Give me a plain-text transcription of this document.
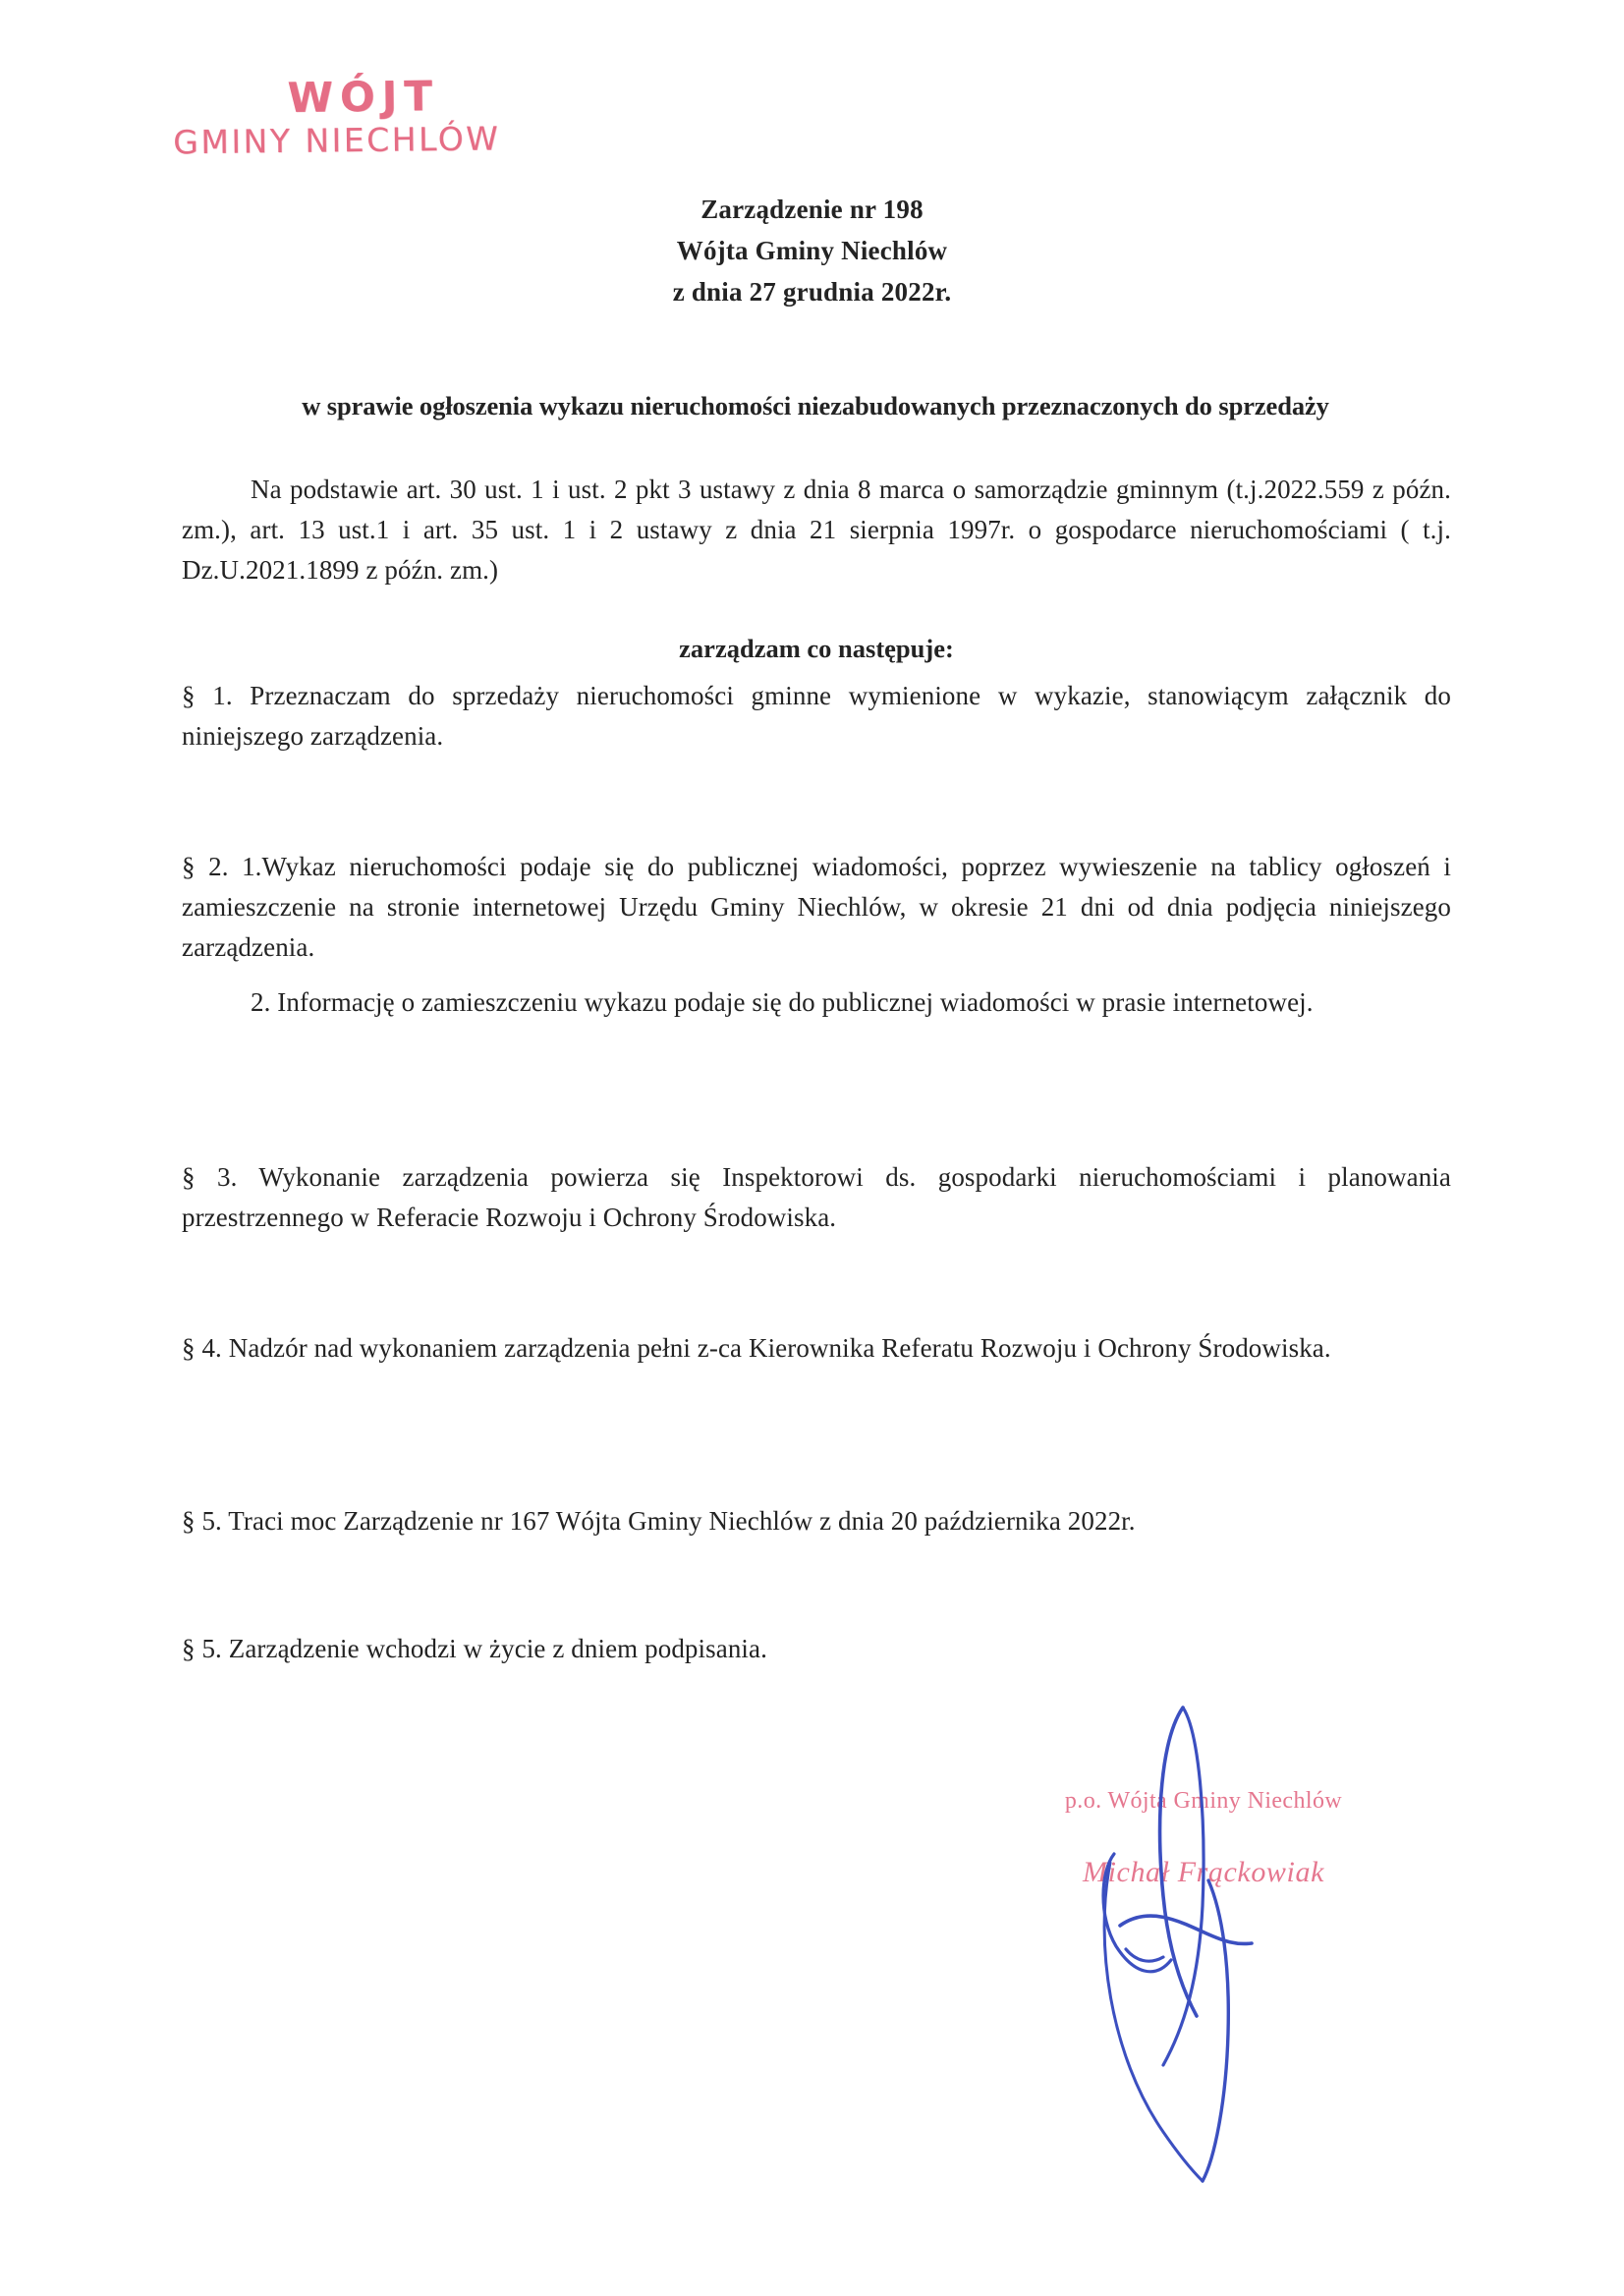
WÓJT
GMINY NIECHLÓW
Zarządzenie nr 198
Wójta Gminy Niechlów
z dnia 27 grudnia 2022r.
w sprawie ogłoszenia wykazu nieruchomości niezabudowanych przeznaczonych do sprzedaży
Na podstawie art. 30 ust. 1 i ust. 2 pkt 3 ustawy z dnia 8 marca o samorządzie gminnym (t.j.2022.559 z późn. zm.), art. 13 ust.1 i art. 35 ust. 1 i 2 ustawy z dnia 21 sierpnia 1997r. o gospodarce nieruchomościami ( t.j. Dz.U.2021.1899 z późn. zm.)
zarządzam co następuje:
§ 1. Przeznaczam do sprzedaży nieruchomości gminne wymienione w wykazie, stanowiącym załącznik do niniejszego zarządzenia.
§ 2. 1.Wykaz nieruchomości podaje się do publicznej wiadomości, poprzez wywieszenie na tablicy ogłoszeń i zamieszczenie na stronie internetowej Urzędu Gminy Niechlów, w okresie 21 dni od dnia podjęcia niniejszego zarządzenia.
2. Informację o zamieszczeniu wykazu podaje się do publicznej wiadomości w prasie internetowej.
§ 3. Wykonanie zarządzenia powierza się Inspektorowi ds. gospodarki nieruchomościami i planowania przestrzennego w Referacie Rozwoju i Ochrony Środowiska.
§ 4. Nadzór nad wykonaniem zarządzenia pełni z-ca Kierownika Referatu Rozwoju i Ochrony Środowiska.
§ 5. Traci moc Zarządzenie nr 167 Wójta Gminy Niechlów z dnia 20 października 2022r.
§ 5. Zarządzenie wchodzi w życie z dniem podpisania.
p.o. Wójta Gminy Niechlów
Michał Frąckowiak
